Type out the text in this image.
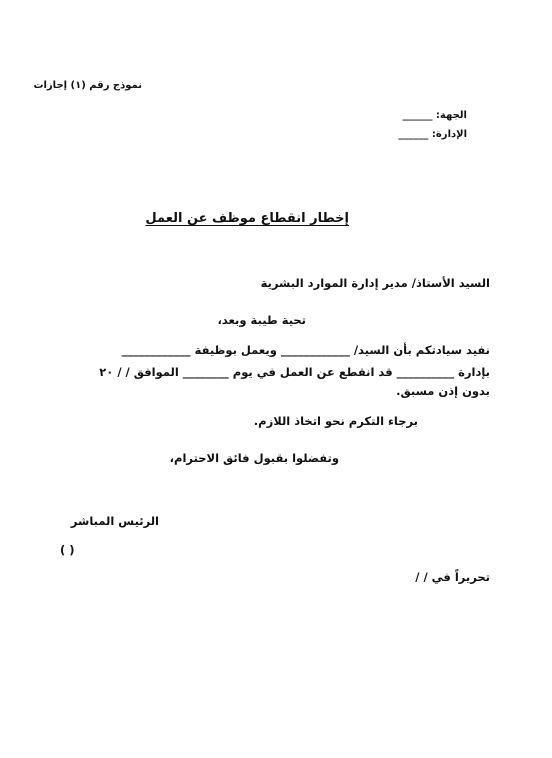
نموذج رقم (١) إجازات
الجهة: ______
الإدارة: ______
إخطار انقطاع موظف عن العمل
السيد الأستاذ/ مدير إدارة الموارد البشرية
تحية طيبة وبعد،
نفيد سيادتكم بأن السيد/ ____________ ويعمل بوظيفة ____________
بإدارة __________ قد انقطع عن العمل في يوم ________ الموافق / / ٢٠
بدون إذن مسبق.
برجاء التكرم نحو اتخاذ اللازم.
وتفضلوا بقبول فائق الاحترام،
الرئيس المباشر
( )
تحريراً في / /
